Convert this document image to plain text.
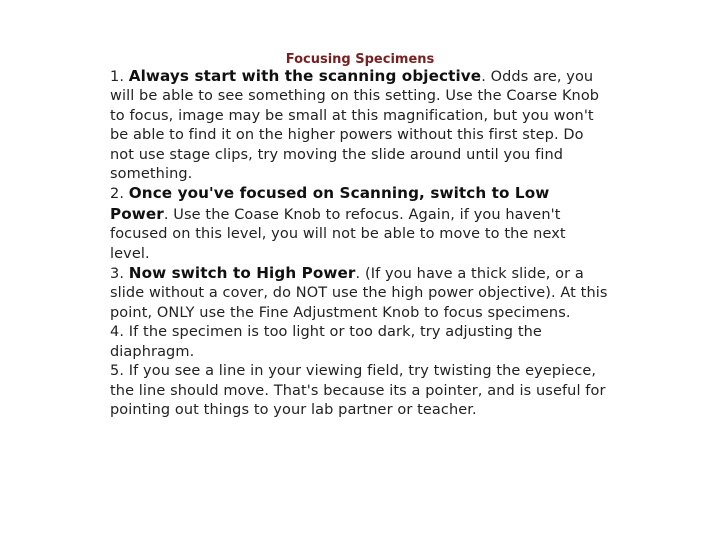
Focusing Specimens

1. Always start with the scanning objective. Odds are, you will be able to see something on this setting. Use the Coarse Knob to focus, image may be small at this magnification, but you won't be able to find it on the higher powers without this first step. Do not use stage clips, try moving the slide around until you find something.

2. Once you've focused on Scanning, switch to Low Power. Use the Coase Knob to refocus. Again, if you haven't focused on this level, you will not be able to move to the next level.

3. Now switch to High Power. (If you have a thick slide, or a slide without a cover, do NOT use the high power objective). At this point, ONLY use the Fine Adjustment Knob to focus specimens.

4. If the specimen is too light or too dark, try adjusting the diaphragm.

5. If you see a line in your viewing field, try twisting the eyepiece, the line should move. That's because its a pointer, and is useful for pointing out things to your lab partner or teacher.
